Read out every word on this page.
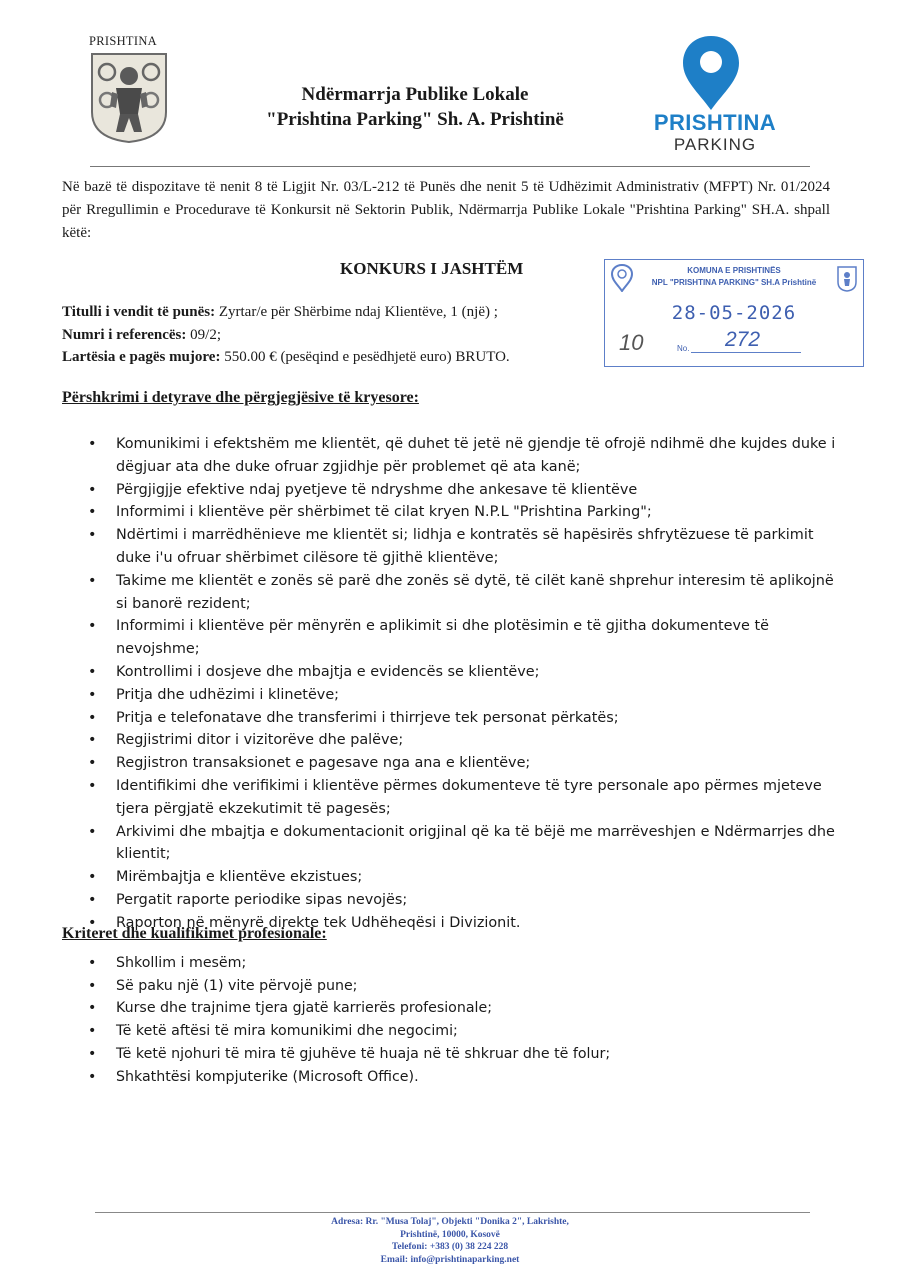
PRISHTINA
Ndërmarrja Publike Lokale
"Prishtina Parking" Sh. A. Prishtinë	PRISHTINA
PARKING
Në bazë të dispozitave të nenit 8 të Ligjit Nr. 03/L-212 të Punës dhe nenit 5 të Udhëzimit Administrativ (MFPT) Nr. 01/2024 për Rregullimin e Procedurave të Konkursit në Sektorin Publik, Ndërmarrja Publike Lokale "Prishtina Parking" SH.A. shpall këtë:
KONKURS I JASHTËM
Titulli i vendit të punës: Zyrtar/e për Shërbime ndaj Klientëve, 1 (një) ;
Numri i referencës: 09/2;
Lartësia e pagës mujore: 550.00 € (pesëqind e pesëdhjetë euro) BRUTO.
KOMUNA E PRISHTINËS
NPL "PRISHTINA PARKING" SH.A Prishtinë
28-05-2026
10	No. 272
Përshkrimi i detyrave dhe përgjegjësive të kryesore:
• Komunikimi i efektshëm me klientët, që duhet të jetë në gjendje të ofrojë ndihmë dhe kujdes duke i dëgjuar ata dhe duke ofruar zgjidhje për problemet që ata kanë;
• Përgjigjje efektive ndaj pyetjeve të ndryshme dhe ankesave të klientëve
• Informimi i klientëve për shërbimet të cilat kryen N.P.L "Prishtina Parking";
• Ndërtimi i marrëdhënieve me klientët si; lidhja e kontratës së hapësirës shfrytëzuese të parkimit duke i'u ofruar shërbimet cilësore të gjithë klientëve;
• Takime me klientët e zonës së parë dhe zonës së dytë, të cilët kanë shprehur interesim të aplikojnë si banorë rezident;
• Informimi i klientëve për mënyrën e aplikimit si dhe plotësimin e të gjitha dokumenteve të nevojshme;
• Kontrollimi i dosjeve dhe mbajtja e evidencës se klientëve;
• Pritja dhe udhëzimi i klinetëve;
• Pritja e telefonatave dhe transferimi i thirrjeve tek personat përkatës;
• Regjistrimi ditor i vizitorëve dhe palëve;
• Regjistron transaksionet e pagesave nga ana e klientëve;
• Identifikimi dhe verifikimi i klientëve përmes dokumenteve të tyre personale apo përmes mjeteve tjera përgjatë ekzekutimit të pagesës;
• Arkivimi dhe mbajtja e dokumentacionit origjinal që ka të bëjë me marrëveshjen e Ndërmarrjes dhe klientit;
• Mirëmbajtja e klientëve ekzistues;
• Pergatit raporte periodike sipas nevojës;
• Raporton në mënyrë direkte tek Udhëheqësi i Divizionit.
Kriteret dhe kualifikimet profesionale:
• Shkollim i mesëm;
• Së paku një (1) vite përvojë pune;
• Kurse dhe trajnime tjera gjatë karrierës profesionale;
• Të ketë aftësi të mira komunikimi dhe negocimi;
• Të ketë njohuri të mira të gjuhëve të huaja në të shkruar dhe të folur;
• Shkathtësi kompjuterike (Microsoft Office).
Adresa: Rr. "Musa Tolaj", Objekti "Donika 2", Lakrishte,
Prishtinë, 10000, Kosovë
Telefoni: +383 (0) 38 224 228
Email: info@prishtinaparking.net
